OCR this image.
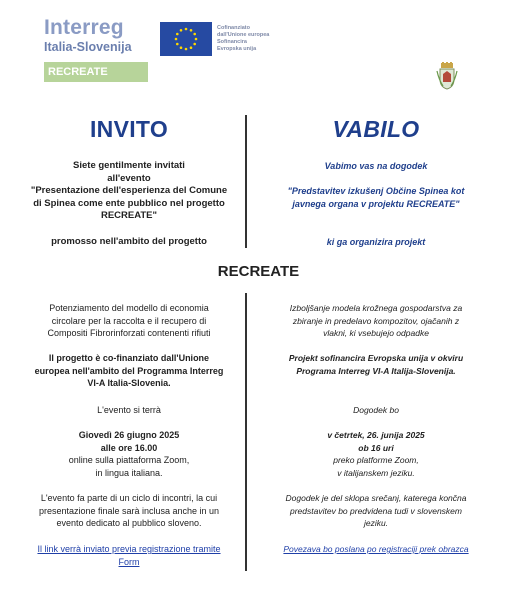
Interreg
Italia-Slovenija
RECREATE
Cofinanziato
dall'Unione europea
Sofinancira
Evropska unija
INVITO	VABILO
Siete gentilmente invitati
all'evento
"Presentazione dell'esperienza del Comune
di Spinea come ente pubblico nel progetto
RECREATE"
promosso nell'ambito del progetto
Vabimo vas na dogodek
"Predstavitev izkušenj Občine Spinea kot
javnega organa v projektu RECREATE"
ki ga organizira projekt
RECREATE
Potenziamento del modello di economia
circolare per la raccolta e il recupero di
Compositi Fibrorinforzati contenenti rifiuti
Il progetto è co-finanziato dall'Unione
europea nell'ambito del Programma Interreg
VI-A Italia-Slovenia.
L'evento si terrà
Giovedì 26 giugno 2025
alle ore 16.00
online sulla piattaforma Zoom,
in lingua italiana.
L'evento fa parte di un ciclo di incontri, la cui
presentazione finale sarà inclusa anche in un
evento dedicato al pubblico sloveno.
Il link verrà inviato previa registrazione tramite
Form
Izboljšanje modela krožnega gospodarstva za
zbiranje in predelavo kompozitov, ojačanih z
vlakni, ki vsebujejo odpadke
Projekt sofinancira Evropska unija v okviru
Programa Interreg VI-A Italija-Slovenija.
Dogodek bo
v četrtek, 26. junija 2025
ob 16 uri
preko platforme Zoom,
v italijanskem jeziku.
Dogodek je del sklopa srečanj, katerega končna
predstavitev bo predvidena tudi v slovenskem
jeziku.
Povezava bo poslana po registraciji prek obrazca
